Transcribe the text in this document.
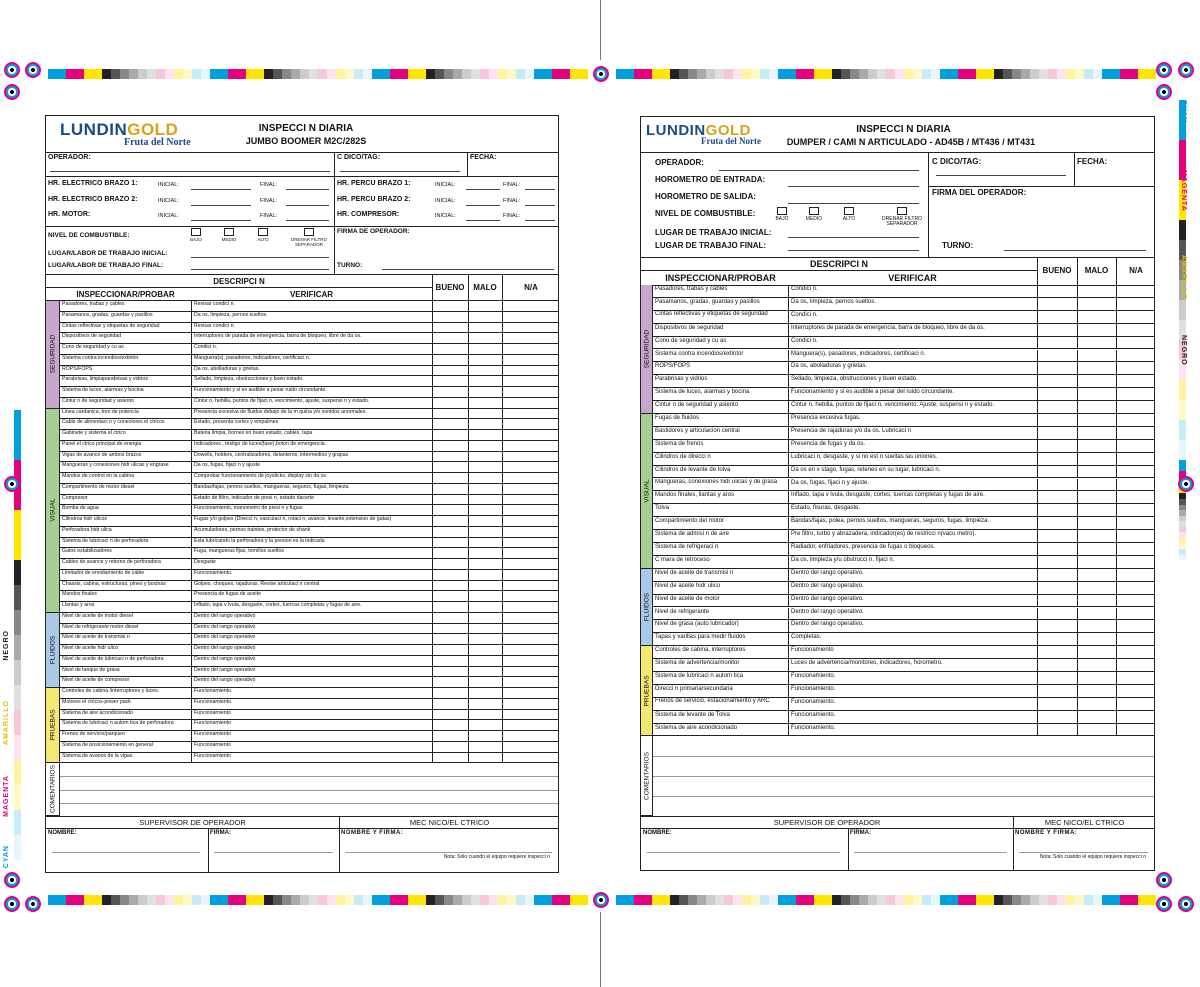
CYAN
MAGENTA
AMARILLO
NEGRO
CYAN
MAGENTA
AMARILLO
NEGRO
LUNDINGOLD
Fruta del Norte
INSPECCI N DIARIA
JUMBO BOOMER M2C/282S
OPERADOR:	C DICO/TAG:	FECHA:
HR. ELECTRICO BRAZO 1:	INICIAL:	FINAL:	HR. PERCU BRAZO 1:	INICIAL:	FINAL:
HR. ELECTRICO BRAZO 2:	INICIAL:	FINAL:	HR. PERCU BRAZO 2:	INICIAL:	FINAL:
HR. MOTOR:	INICIAL:	FINAL:	HR. COMPRESOR:	INICIAL:	FINAL:
NIVEL DE COMBUSTIBLE:
BAJO	MEDIO	ALTO	DRENAR FILTRO SEPARADOR
FIRMA DE OPERADOR:
LUGAR/LABOR DE TRABAJO INICIAL:
LUGAR/LABOR DE TRABAJO FINAL:	TURNO:
DESCRIPCI N
INSPECCIONAR/PROBAR	VERIFICAR
BUENO	MALO	N/A
Pasadores, trabas y cables	Revisar condici n.
Pasamanos, gradas, guardas y pasillos	Da os, limpieza, pernos sueltos.
Cintas reflectivas y etiquetas de seguridad	Revisar condici n.
Dispositivos de seguridad	Interruptores de parada de emergencia, barra de bloqueo, libre de da os.
Cono de seguridad y cu as	Condici n.
Sistema contra incendios/extintor	Manguera(s), pasadores, indicadores, certificaci n.
ROPS/FOPS	Da os, abolladuras y grietas.
Parabrisas, limpiaparabrisas y vidrios	Sellado, limpieza, obstrucciones y buen estado.
Sistema de luces, alarmas y bocina	Funcionamiento y si es audible a pesar ruido circundante.
Cintur n de seguridad y asiento	Cintur n, hebilla, puntos de fijaci n, vencimiento, ajuste, suspensi n y estado.
SEGURIDAD
Linea cardanica, tren de potencia	Presencia excesiva de fluidos debajo de la m quina y/o sonidos anormales.
Cable de alimentaci n y conectores el ctricos	Estado, presenta cortes y empalmes
Gabinete y sistema el ctrico	Bateria limpia, bornes en buen estado, cables, tapa
Panel el ctrico principal de energia	Indicadores , testigo de luces(fase),boton de emergencia.
Vigas de avance de ambos brazos	Dowells, holders, centralizadores, delanteros, intermedios y grapas
Mangueras y conexiones hidr ulicas y engrase	Da os, fugas, fijaci n y ajuste
Mandos de control en la cabina	Comprobar funcionamiento de joysticks, display sin da os
Compartimento de motor diesel	Bandas/fajas, pernos sueltos, mangueras, seguros, fugas, limpieza.
Compresor	Estado de filtro, indicador de presi n, estado dacerte
Bomba de agua	Funcionamiento, manometro de presi n y fugas
Cilindros hidr ulicos	Fugas y/o golpes (Direcci n, vasculaci n, rotaci n, avance, levante,extension de gatas)
Perforadora hidr ulica	Acumuladores, pernos traintes, protector de shank
Sistema de lubricaci n de perforadora	Esta lubricando la perforadora y la presion es la indicada
Gatos estabilizadores	Fuga, mangueras fijas, tornillos sueltos
Cables de avance y retorno de perforadora	Desgaste
Limitador de enrollamiento de cable	Funcionamiento.
Chassis, cabina, estructuras, pines y bocinas	Golpes, choques, rajaduras. Revise articulaci n central
Mandos finales	Presencia de fugas de aceite
Llantas y aros	Inflado, tapa v lvula, desgaste, cortes, tuercas completas y fugas de aire.
VISUAL
Nivel de aceite de motor diesel	Dentro del rango operativo
Nivel de refrigerante motor diesel	Dentro del rango operativo
Nivel de aceite de transmisi n	Dentro del rango operativo
Nivel de aceite hidr ulico	Dentro del rango operativo
Nivel de aceite de lubricaci n de perforadora	Dentro del rango operativo
Nivel de tanque de grasa	Dentro del rango operativo
Nivel de aceite de compresor	Dentro del rango operativo
FLUIDOS
Controles de cabina /interruptores y luces.	Funcionamiento.
Motores el ctricos-power pack	Funcionamiento.
Sistema de aire acondicionado	Funcionamiento
Sistema de lubricaci n autom tica de perforadora	Funcionamiento
Frenos de servicio/parqueo	Funcionamiento
Sistema de posicionamiento en general	Funcionamiento
Sistema de avance de la vigas.	Funcionamiento
PRUEBAS
COMENTARIOS
SUPERVISOR DE OPERADOR	MEC NICO/EL CTRICO
NOMBRE:	FIRMA:	NOMBRE Y FIRMA:
Nota: Solo cuando el equipo requiere inspecci n
LUNDINGOLD
Fruta del Norte
INSPECCI N DIARIA
DUMPER / CAMI N ARTICULADO - AD45B / MT436 / MT431
OPERADOR:
HOROMETRO DE ENTRADA:
HOROMETRO DE SALIDA:
NIVEL DE COMBUSTIBLE:
BAJO	MEDIO	ALTO	DRENAR FILTRO SEPARADOR
LUGAR DE TRABAJO INICIAL:
LUGAR DE TRABAJO FINAL:
C DICO/TAG:	FECHA:
FIRMA DEL OPERADOR:
TURNO:
DESCRIPCI N
INSPECCIONAR/PROBAR	VERIFICAR
BUENO	MALO	N/A
Pasadores, trabas y cables	Condici n.
Pasamanos, gradas, guardas y pasillos	Da os, limpieza, pernos sueltos.
Cintas reflectivas y etiquetas de seguridad	Condici n.
Dispositivos de seguridad	Interruptores de parada de emergencia, barra de bloqueo, libre de da os.
Cono de seguridad y cu as	Condici n.
Sistema contra incendios/extintor	Manguera(s), pasadores, indicadores, certificaci n.
ROPS/FOPS	Da os, abolladuras y grietas.
Parabrisas y vidrios	Sellado, limpieza, obstrucciones y buen estado.
Sistema de luces, alarmas y bocina	Funcionamiento y si es audible a pesar del ruido circundante.
Cintur n de seguridad y asiento	Cintur n, hebilla, puntos de fijaci n, vencimiento. Ajuste, suspensi n y estado.
SEGURIDAD
Fugas de fluidos	Presencia excesiva fugas.
Bastidores y articulacion central	Presencia de rajaduras y/o da os. Lubricaci n
Sistema de frenos	Presencia de fugas y da os.
Cilindros de direcci n	Lubricaci n, desgaste, y si no est n sueltas las uniones.
Cilindros de levante de tolva	Da os en v stago, fugas, retenes en su lugar, lubricaci n.
Mangueras, conexiones hidr ulicas y de grasa	Da os, fugas, fijaci n y ajuste.
Mandos finales, llantas y aros	Inflado, tapa v lvula, desgaste, cortes, tuercas completas y fugas de aire.
Tolva	Estado, fisuras, desgaste.
Compartimiento del motor	Bandas/fajas, polea, pernos sueltos, mangueras, seguros, fugas, limpieza.
Sistema de admisi n de aire	Pre filtro, turbo y abrazadera, indicador(es) de restricci n(vacu metro).
Sistema de refrigeraci n	Radiador, enfriadores, presencia de fugas o bloqueos.
C mara de retroceso	Da os, limpieza y/u obstrucci n, fijaci n.
VISUAL
Nivel de aceite de transmisi n	Dentro del rango operativo.
Nivel de aceite hidr ulico	Dentro del rango operativo.
Nivel de aceite de motor	Dentro del rango operativo.
Nivel de refrigerante	Dentro del rango operativo.
Nivel de grasa (auto lubricador)	Dentro del rango operativo.
Tapas y varillas para medir fluidos	Completas.
FLUIDOS
Controles de cabina, interruptores	Funcionamiento
Sistema de advertencia/monitor	Luces de advertencia/monitoreo, indicadores, horometro.
Sistema de lubricaci n autom tica	Funcionamiento.
Direcci n primaria/secundaria	Funcionamiento.
Frenos de servicio, estacionamiento y ARC	Funcionamiento.
Sistema de levante de Tolva	Funcionamiento.
Sistema de aire acondicionado	Funcionamiento.
PRUEBAS
COMENTARIOS
SUPERVISOR DE OPERADOR	MEC NICO/EL CTRICO
NOMBRE:	FIRMA:	NOMBRE Y FIRMA:
Nota: Solo cuando el equipo requiere inspecci n
